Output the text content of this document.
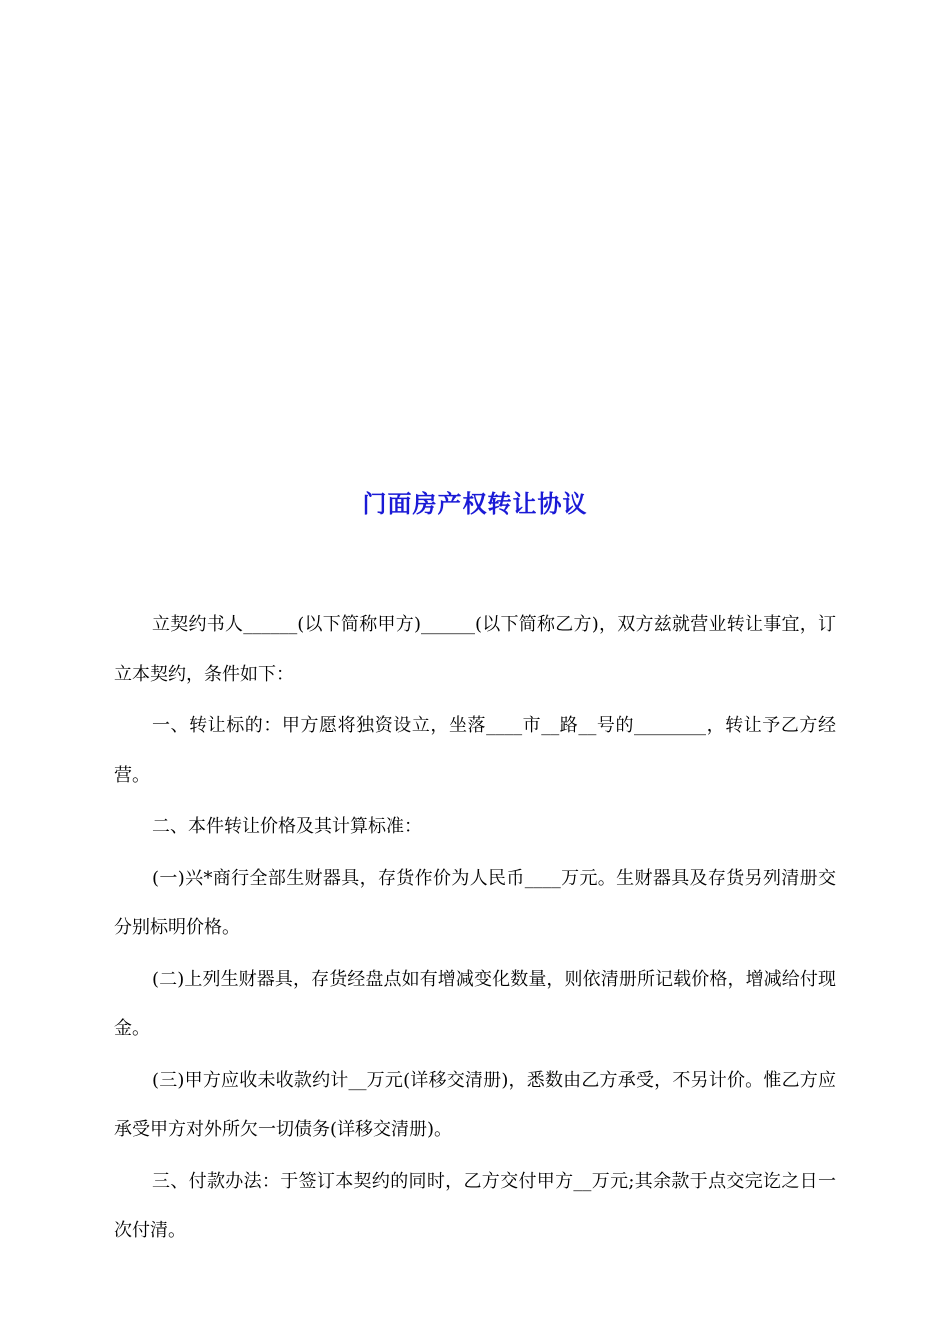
门面房产权转让协议

立契约书人______(以下简称甲方)______(以下简称乙方)，双方兹就营业转让事宜，订立本契约，条件如下：

一、转让标的：甲方愿将独资设立，坐落____市__路__号的________，转让予乙方经营。

二、本件转让价格及其计算标准：

(一)兴*商行全部生财器具，存货作价为人民币____万元。生财器具及存货另列清册交分别标明价格。

(二)上列生财器具，存货经盘点如有增减变化数量，则依清册所记载价格，增减给付现金。

(三)甲方应收未收款约计__万元(详移交清册)，悉数由乙方承受，不另计价。惟乙方应承受甲方对外所欠一切债务(详移交清册)。

三、付款办法：于签订本契约的同时，乙方交付甲方__万元;其余款于点交完讫之日一次付清。
